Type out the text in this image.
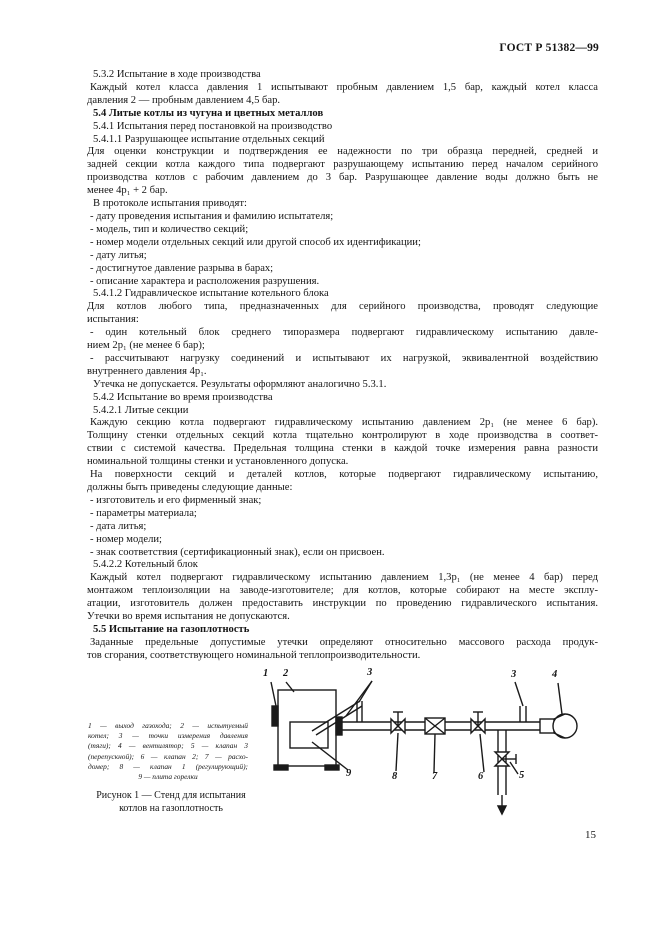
ГОСТ Р 51382—99
5.3.2 Испытание в ходе производства
Каждый котел класса давления 1 испытывают пробным давлением 1,5 бар, каждый котел класса
давления 2 — пробным давлением 4,5 бар.
5.4 Литые котлы из чугуна и цветных металлов
5.4.1 Испытания перед постановкой на производство
5.4.1.1 Разрушающее испытание отдельных секций
Для оценки конструкции и подтверждения ее надежности по три образца передней, средней и
задней секции котла каждого типа подвергают разрушающему испытанию перед началом серийного
производства котлов с рабочим давлением до 3 бар. Разрушающее давление воды должно быть не
менее 4p₁ + 2 бар.
В протоколе испытания приводят:
- дату проведения испытания и фамилию испытателя;
- модель, тип и количество секций;
- номер модели отдельных секций или другой способ их идентификации;
- дату литья;
- достигнутое давление разрыва в барах;
- описание характера и расположения разрушения.
5.4.1.2 Гидравлическое испытание котельного блока
Для котлов любого типа, предназначенных для серийного производства, проводят следующие
испытания:
- один котельный блок среднего типоразмера подвергают гидравлическому испытанию давле-
нием 2p₁ (не менее 6 бар);
- рассчитывают нагрузку соединений и испытывают их нагрузкой, эквивалентной воздействию
внутреннего давления 4p₁.
Утечка не допускается. Результаты оформляют аналогично 5.3.1.
5.4.2 Испытание во время производства
5.4.2.1 Литые секции
Каждую секцию котла подвергают гидравлическому испытанию давлением 2p₁ (не менее 6 бар).
Толщину стенки отдельных секций котла тщательно контролируют в ходе производства в соответ-
ствии с системой качества. Предельная толщина стенки в каждой точке измерения равна разности
номинальной толщины стенки и установленного допуска.
На поверхности секций и деталей котлов, которые подвергают гидравлическому испытанию,
должны быть приведены следующие данные:
- изготовитель и его фирменный знак;
- параметры материала;
- дата литья;
- номер модели;
- знак соответствия (сертификационный знак), если он присвоен.
5.4.2.2 Котельный блок
Каждый котел подвергают гидравлическому испытанию давлением 1,3p₁ (не менее 4 бар) перед
монтажом теплоизоляции на заводе-изготовителе; для котлов, которые собирают на месте эксплу-
атации, изготовитель должен предоставить инструкции по проведению гидравлического испытания.
Утечки во время испытания не допускаются.
5.5 Испытание на газоплотность
Заданные предельные допустимые утечки определяют относительно массового расхода продук-
тов сгорания, соответствующего номинальной теплопроизводительности.
1 2	3	3	4
5
6
7
8
9
1 — выход газохода; 2 — испытуемый
котел; 3 — точки измерения давления
(тяги); 4 — вентилятор; 5 — клапан 3
(перепускной); 6 — клапан 2; 7 — расхо-
домер; 8 — клапан 1 (регулирующий);
9 — плита горелки
Рисунок 1 — Стенд для испытания
котлов на газоплотность
15
